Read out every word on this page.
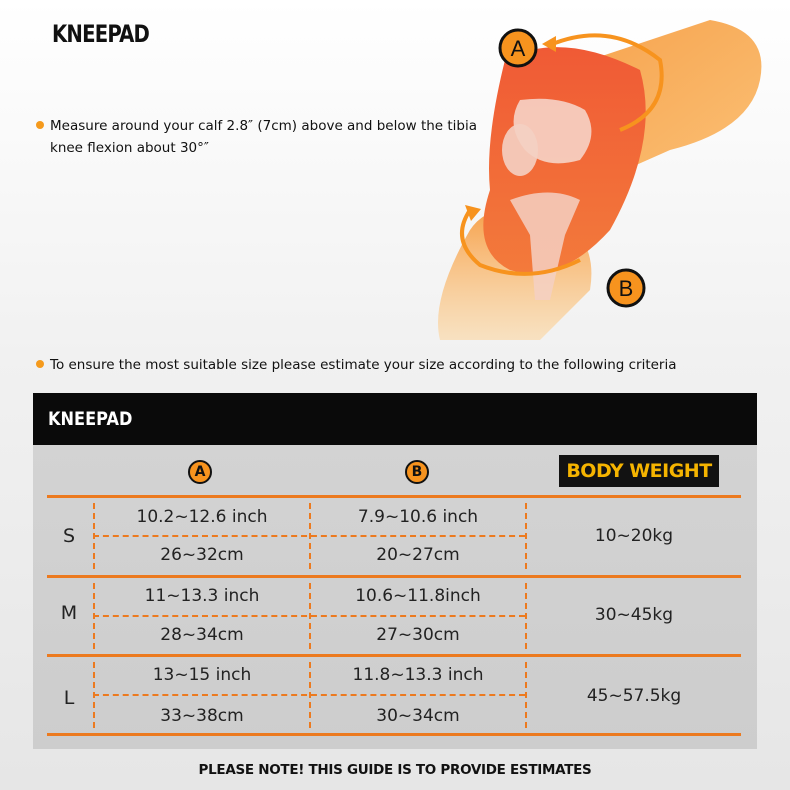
KNEEPAD
Measure around your calf 2.8″ (7cm) above and below the tibia
knee flexion about 30°″
To ensure the most suitable size please estimate your size according to the following criteria
A
B
KNEEPAD
A	B	BODY WEIGHT
S
10.2~12.6 inch
26~32cm
7.9~10.6 inch
20~27cm
10~20kg
M
11~13.3 inch
28~34cm
10.6~11.8inch
27~30cm
30~45kg
L
13~15 inch
33~38cm
11.8~13.3 inch
30~34cm
45~57.5kg
PLEASE NOTE! THIS GUIDE IS TO PROVIDE ESTIMATES
